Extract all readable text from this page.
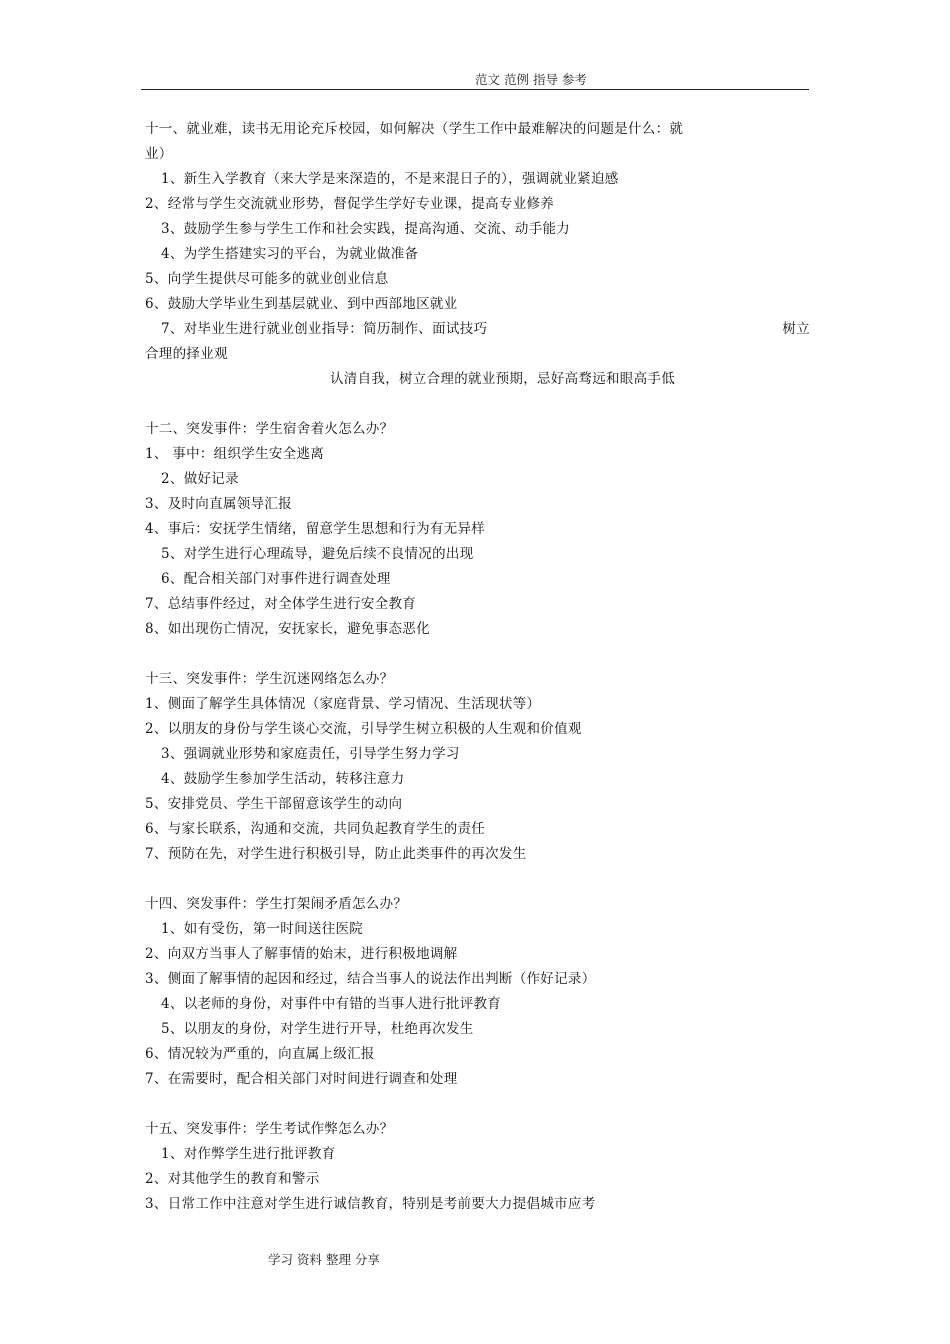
范文 范例 指导 参考
十一、就业难，读书无用论充斥校园，如何解决（学生工作中最难解决的问题是什么：就
业）
1、新生入学教育（来大学是来深造的，不是来混日子的），强调就业紧迫感
2、经常与学生交流就业形势，督促学生学好专业课，提高专业修养
3、鼓励学生参与学生工作和社会实践，提高沟通、交流、动手能力
4、为学生搭建实习的平台，为就业做准备
5、向学生提供尽可能多的就业创业信息
6、鼓励大学毕业生到基层就业、到中西部地区就业
7、对毕业生进行就业创业指导：简历制作、面试技巧	树立
合理的择业观
认清自我，树立合理的就业预期，忌好高骛远和眼高手低
十二、突发事件：学生宿舍着火怎么办？
1、 事中：组织学生安全逃离
2、做好记录
3、及时向直属领导汇报
4、事后：安抚学生情绪，留意学生思想和行为有无异样
5、对学生进行心理疏导，避免后续不良情况的出现
6、配合相关部门对事件进行调查处理
7、总结事件经过，对全体学生进行安全教育
8、如出现伤亡情况，安抚家长，避免事态恶化
十三、突发事件：学生沉迷网络怎么办？
1、侧面了解学生具体情况（家庭背景、学习情况、生活现状等）
2、以朋友的身份与学生谈心交流，引导学生树立积极的人生观和价值观
3、强调就业形势和家庭责任，引导学生努力学习
4、鼓励学生参加学生活动，转移注意力
5、安排党员、学生干部留意该学生的动向
6、与家长联系，沟通和交流，共同负起教育学生的责任
7、预防在先，对学生进行积极引导，防止此类事件的再次发生
十四、突发事件：学生打架闹矛盾怎么办？
1、如有受伤，第一时间送往医院
2、向双方当事人了解事情的始末，进行积极地调解
3、侧面了解事情的起因和经过，结合当事人的说法作出判断（作好记录）
4、以老师的身份，对事件中有错的当事人进行批评教育
5、以朋友的身份，对学生进行开导，杜绝再次发生
6、情况较为严重的，向直属上级汇报
7、在需要时，配合相关部门对时间进行调查和处理
十五、突发事件：学生考试作弊怎么办？
1、对作弊学生进行批评教育
2、对其他学生的教育和警示
3、日常工作中注意对学生进行诚信教育，特别是考前要大力提倡城市应考
学习 资料 整理 分享
